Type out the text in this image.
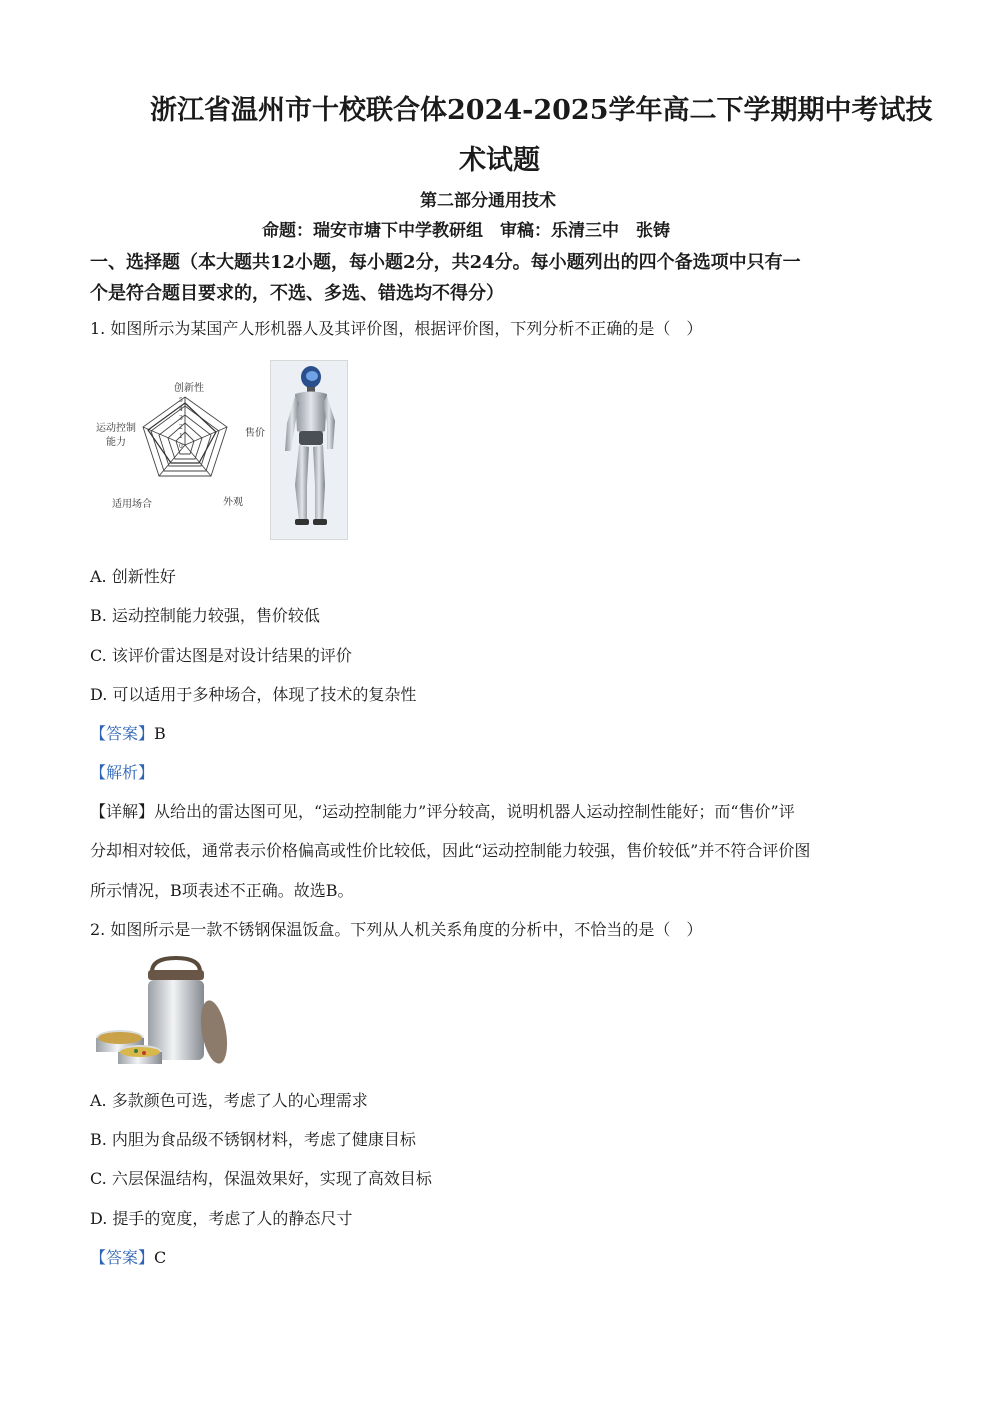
浙江省温州市十校联合体2024-2025学年高二下学期期中考试技
术试题
第二部分通用技术
命题：瑞安市塘下中学教研组　审稿：乐清三中　张铸
一、选择题（本大题共12小题，每小题2分，共24分。每小题列出的四个备选项中只有一
个是符合题目要求的，不选、多选、错选均不得分）
1. 如图所示为某国产人形机器人及其评价图，根据评价图，下列分析不正确的是（　）
创新性
售价
外观
适用场合
运动控制
能力
5
4
3
2
1
0
A. 创新性好
B. 运动控制能力较强，售价较低
C. 该评价雷达图是对设计结果的评价
D. 可以适用于多种场合，体现了技术的复杂性
【答案】B
【解析】
【详解】从给出的雷达图可见，“运动控制能力”评分较高，说明机器人运动控制性能好；而“售价”评
分却相对较低，通常表示价格偏高或性价比较低，因此“运动控制能力较强，售价较低”并不符合评价图
所示情况，B项表述不正确。故选B。
2. 如图所示是一款不锈钢保温饭盒。下列从人机关系角度的分析中，不恰当的是（　）
A. 多款颜色可选，考虑了人的心理需求
B. 内胆为食品级不锈钢材料，考虑了健康目标
C. 六层保温结构，保温效果好，实现了高效目标
D. 提手的宽度，考虑了人的静态尺寸
【答案】C
